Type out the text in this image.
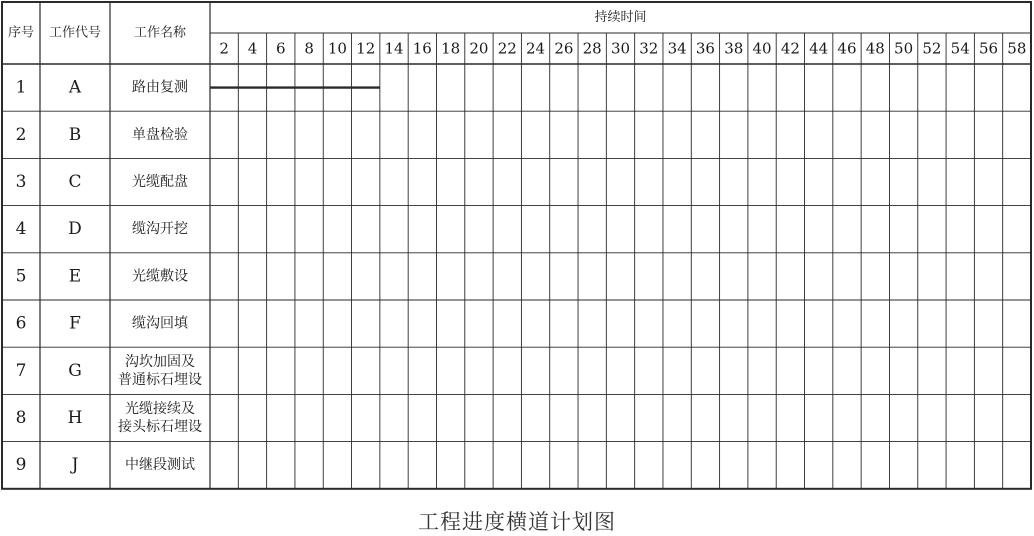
序号 工作代号	工作名称
持续时间
2 4 6 8 10 12 14 16 18 20 22 24 26 28 30 32 34 36 38 40 42 44 46 48 50 52 54 56 58
1 A	路由复测
2 B	单盘检验
3 C	光缆配盘
4 D	缆沟开挖
5 E	光缆敷设
6	F	缆沟回填
7 G	沟坎加固及
普通标石埋设
8 H	光缆接续及
接头标石埋设
9	J	中继段测试
工程进度横道计划图
